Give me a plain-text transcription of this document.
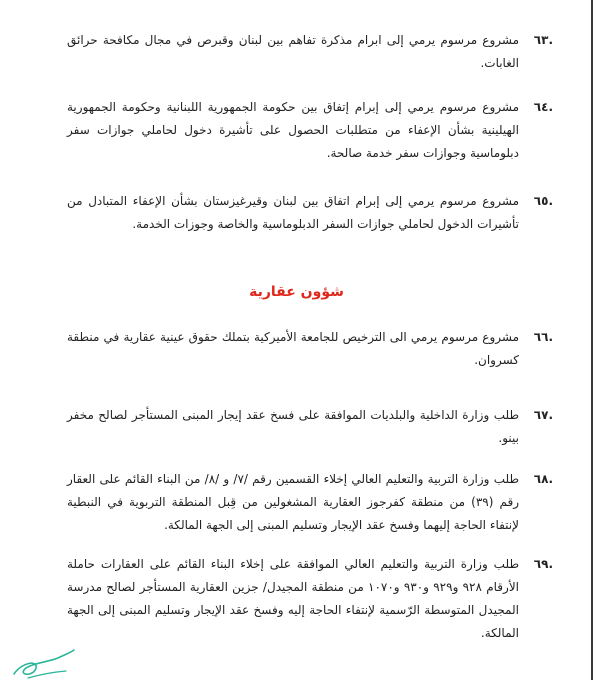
.٦٣
مشروع مرسوم يرمي إلى ابرام مذكرة تفاهم بين لبنان وقبرص في مجال مكافحة حرائق الغابات.
.٦٤
مشروع مرسوم يرمي إلى إبرام إتفاق بين حكومة الجمهورية اللبنانية وحكومة الجمهورية الهيلينية بشأن الإعفاء من متطلبات الحصول على تأشيرة دخول لحاملي جوازات سفر دبلوماسية وجوازات سفر خدمة صالحة.
.٦٥
مشروع مرسوم يرمي إلى إبرام اتفاق بين لبنان وقيرغيزستان بشأن الإعفاء المتبادل من تأشيرات الدخول لحاملي جوازات السفر الدبلوماسية والخاصة وجوزات الخدمة.
شؤون عقارية
.٦٦
مشروع مرسوم يرمي الى الترخيص للجامعة الأميركية بتملك حقوق عينية عقارية في منطقة كسروان.
.٦٧
طلب وزارة الداخلية والبلديات الموافقة على فسخ عقد إيجار المبنى المستأجر لصالح مخفر بينو.
.٦٨
طلب وزارة التربية والتعليم العالي إخلاء القسمين رقم /٧/ و /٨/ من البناء القائم على العقار رقم (٣٩) من منطقة كفرجوز العقارية المشغولين من قِبل المنطقة التربوية في النبطية لإنتفاء الحاجة إليهما وفسخ عقد الإيجار وتسليم المبنى إلى الجهة المالكة.
.٦٩
طلب وزارة التربية والتعليم العالي الموافقة على إخلاء البناء القائم على العقارات حاملة الأرقام ٩٢٨ و٩٢٩ و٩٣٠ و١٠٧٠ من منطقة المجيدل/ جزين العقارية المستأجر لصالح مدرسة المجيدل المتوسطة الرّسمية لإنتفاء الحاجة إليه وفسخ عقد الإيجار وتسليم المبنى إلى الجهة المالكة.
